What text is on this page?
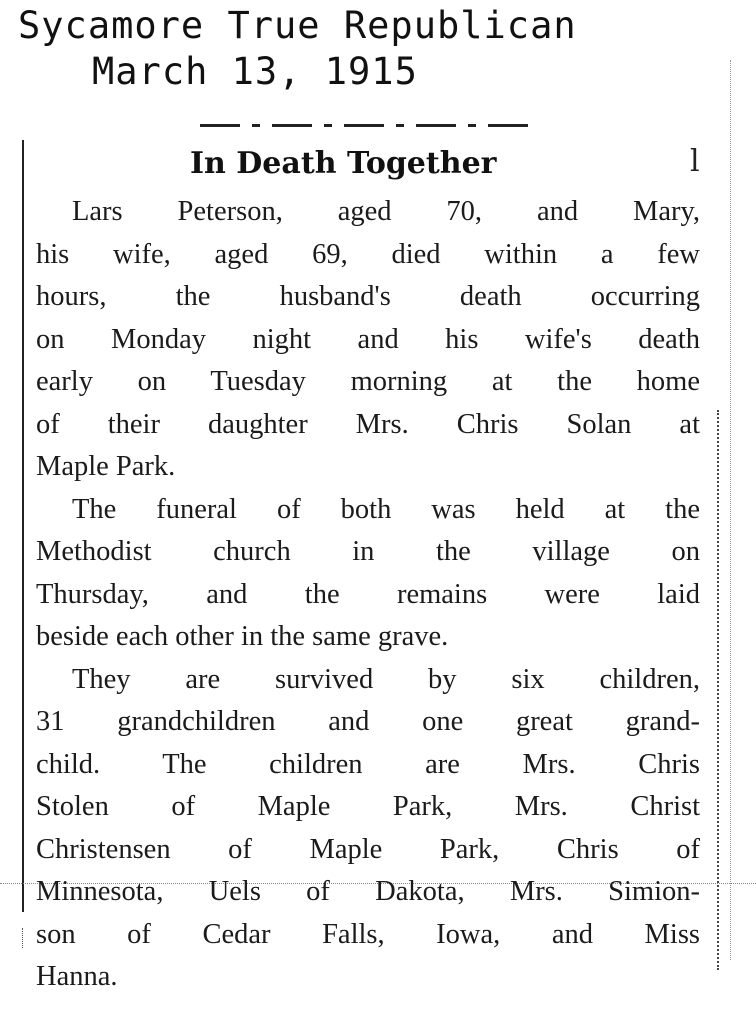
Sycamore True Republican
March 13, 1915
In Death Together	l
Lars Peterson, aged 70, and Mary,
his wife, aged 69, died within a few
hours, the husband's death occurring
on Monday night and his wife's death
early on Tuesday morning at the home
of their daughter Mrs. Chris Solan at
Maple Park.
The funeral of both was held at the
Methodist church in the village on
Thursday, and the remains were laid
beside each other in the same grave.
They are survived by six children,
31 grandchildren and one great grand-
child. The children are Mrs. Chris
Stolen of Maple Park, Mrs. Christ
Christensen of Maple Park, Chris of
Minnesota, Uels of Dakota, Mrs. Simion-
son of Cedar Falls, Iowa, and Miss
Hanna.
